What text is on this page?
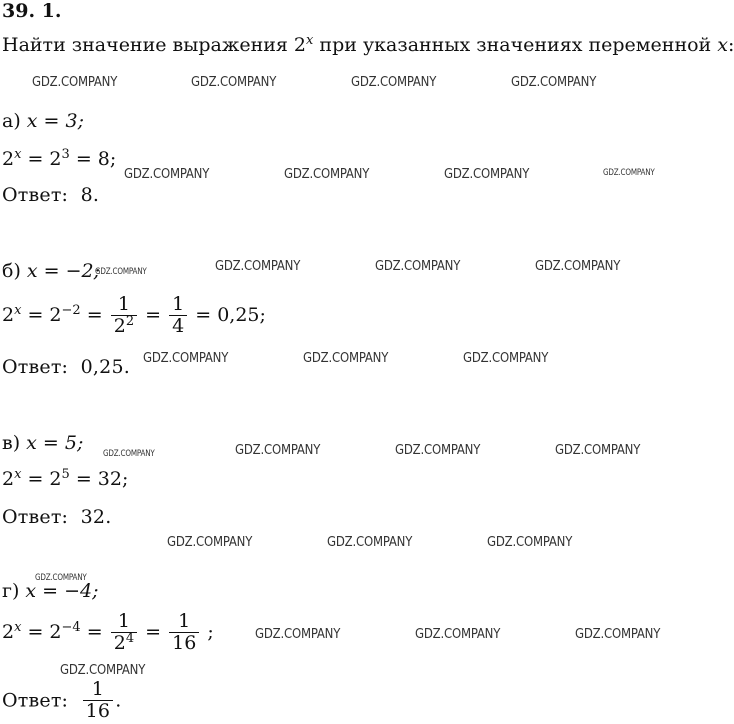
39. 1.
Найти значение выражения 2$^x$ при указанных значениях переменной x:
а) x = 3;
$2^x = 2^3 = 8$;
Ответ: 8.
б) x = −2;
$2^x = 2^{-2} = \frac{1}{2^2} = \frac{1}{4} = 0,25$;
Ответ: 0,25.
в) x = 5;
$2^x = 2^5 = 32$;
Ответ: 32.
г) x = −4;
$2^x = 2^{-4} = \frac{1}{2^4} = \frac{1}{16}$ ;
Ответ: $\frac{1}{16}$ .
GDZ.COMPANY	GDZ.COMPANY	GDZ.COMPANY	GDZ.COMPANY
GDZ.COMPANY	GDZ.COMPANY	GDZ.COMPANY	GDZ.COMPANY
GDZ.COMPANY	GDZ.COMPANY	GDZ.COMPANY	GDZ.COMPANY
GDZ.COMPANY	GDZ.COMPANY	GDZ.COMPANY
GDZ.COMPANY	GDZ.COMPANY	GDZ.COMPANY	GDZ.COMPANY
GDZ.COMPANY	GDZ.COMPANY	GDZ.COMPANY
GDZ.COMPANY
GDZ.COMPANY	GDZ.COMPANY	GDZ.COMPANY
GDZ.COMPANY
